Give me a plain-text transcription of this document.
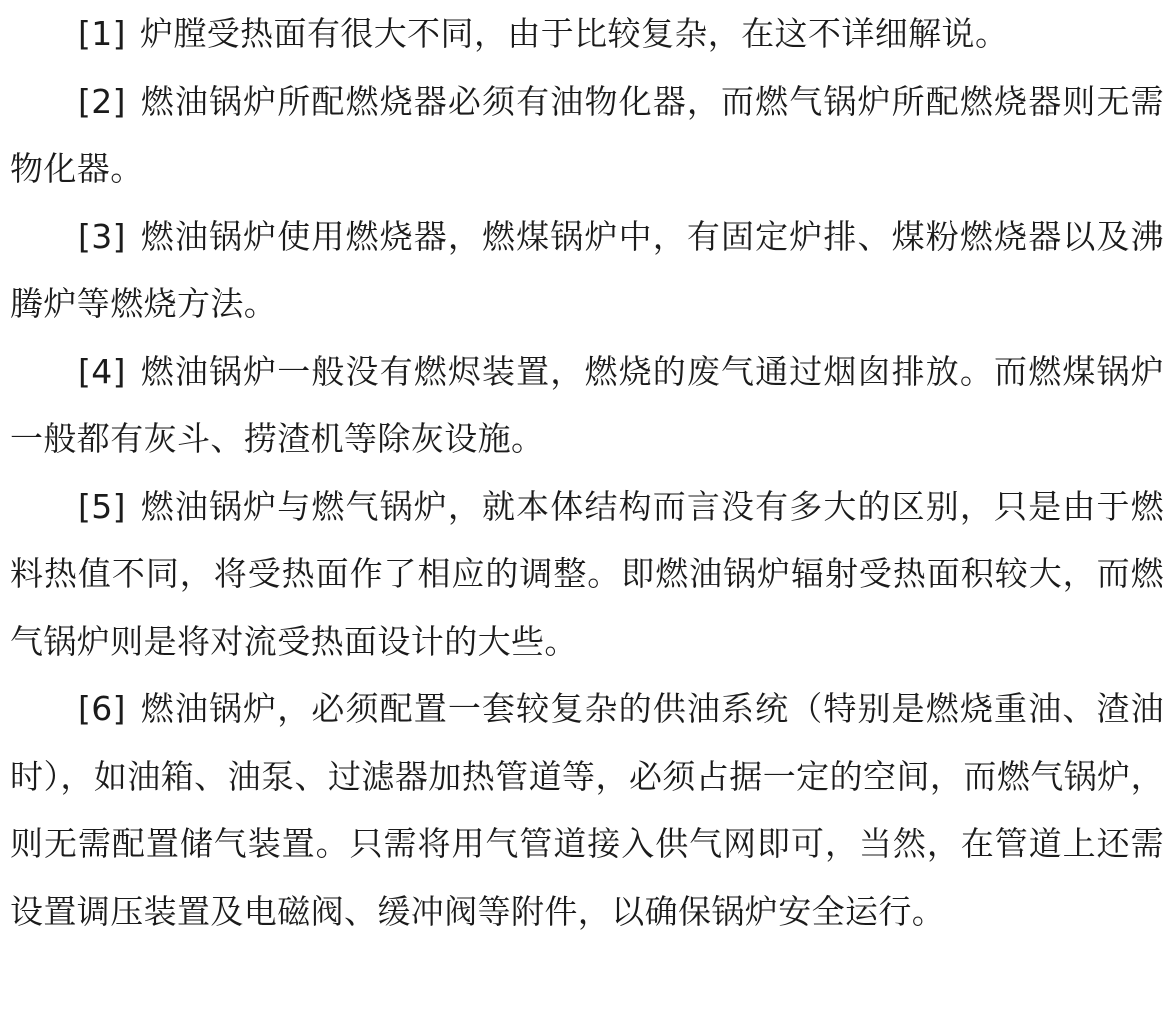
[1] 炉膛受热面有很大不同，由于比较复杂，在这不详细解说。

[2] 燃油锅炉所配燃烧器必须有油物化器，而燃气锅炉所配燃烧器则无需物化器。

[3] 燃油锅炉使用燃烧器，燃煤锅炉中，有固定炉排、煤粉燃烧器以及沸腾炉等燃烧方法。

[4] 燃油锅炉一般没有燃烬装置，燃烧的废气通过烟囱排放。而燃煤锅炉一般都有灰斗、捞渣机等除灰设施。

[5] 燃油锅炉与燃气锅炉，就本体结构而言没有多大的区别，只是由于燃料热值不同，将受热面作了相应的调整。即燃油锅炉辐射受热面积较大，而燃气锅炉则是将对流受热面设计的大些。

[6] 燃油锅炉，必须配置一套较复杂的供油系统（特别是燃烧重油、渣油时），如油箱、油泵、过滤器加热管道等，必须占据一定的空间，而燃气锅炉，则无需配置储气装置。只需将用气管道接入供气网即可，当然，在管道上还需设置调压装置及电磁阀、缓冲阀等附件，以确保锅炉安全运行。
